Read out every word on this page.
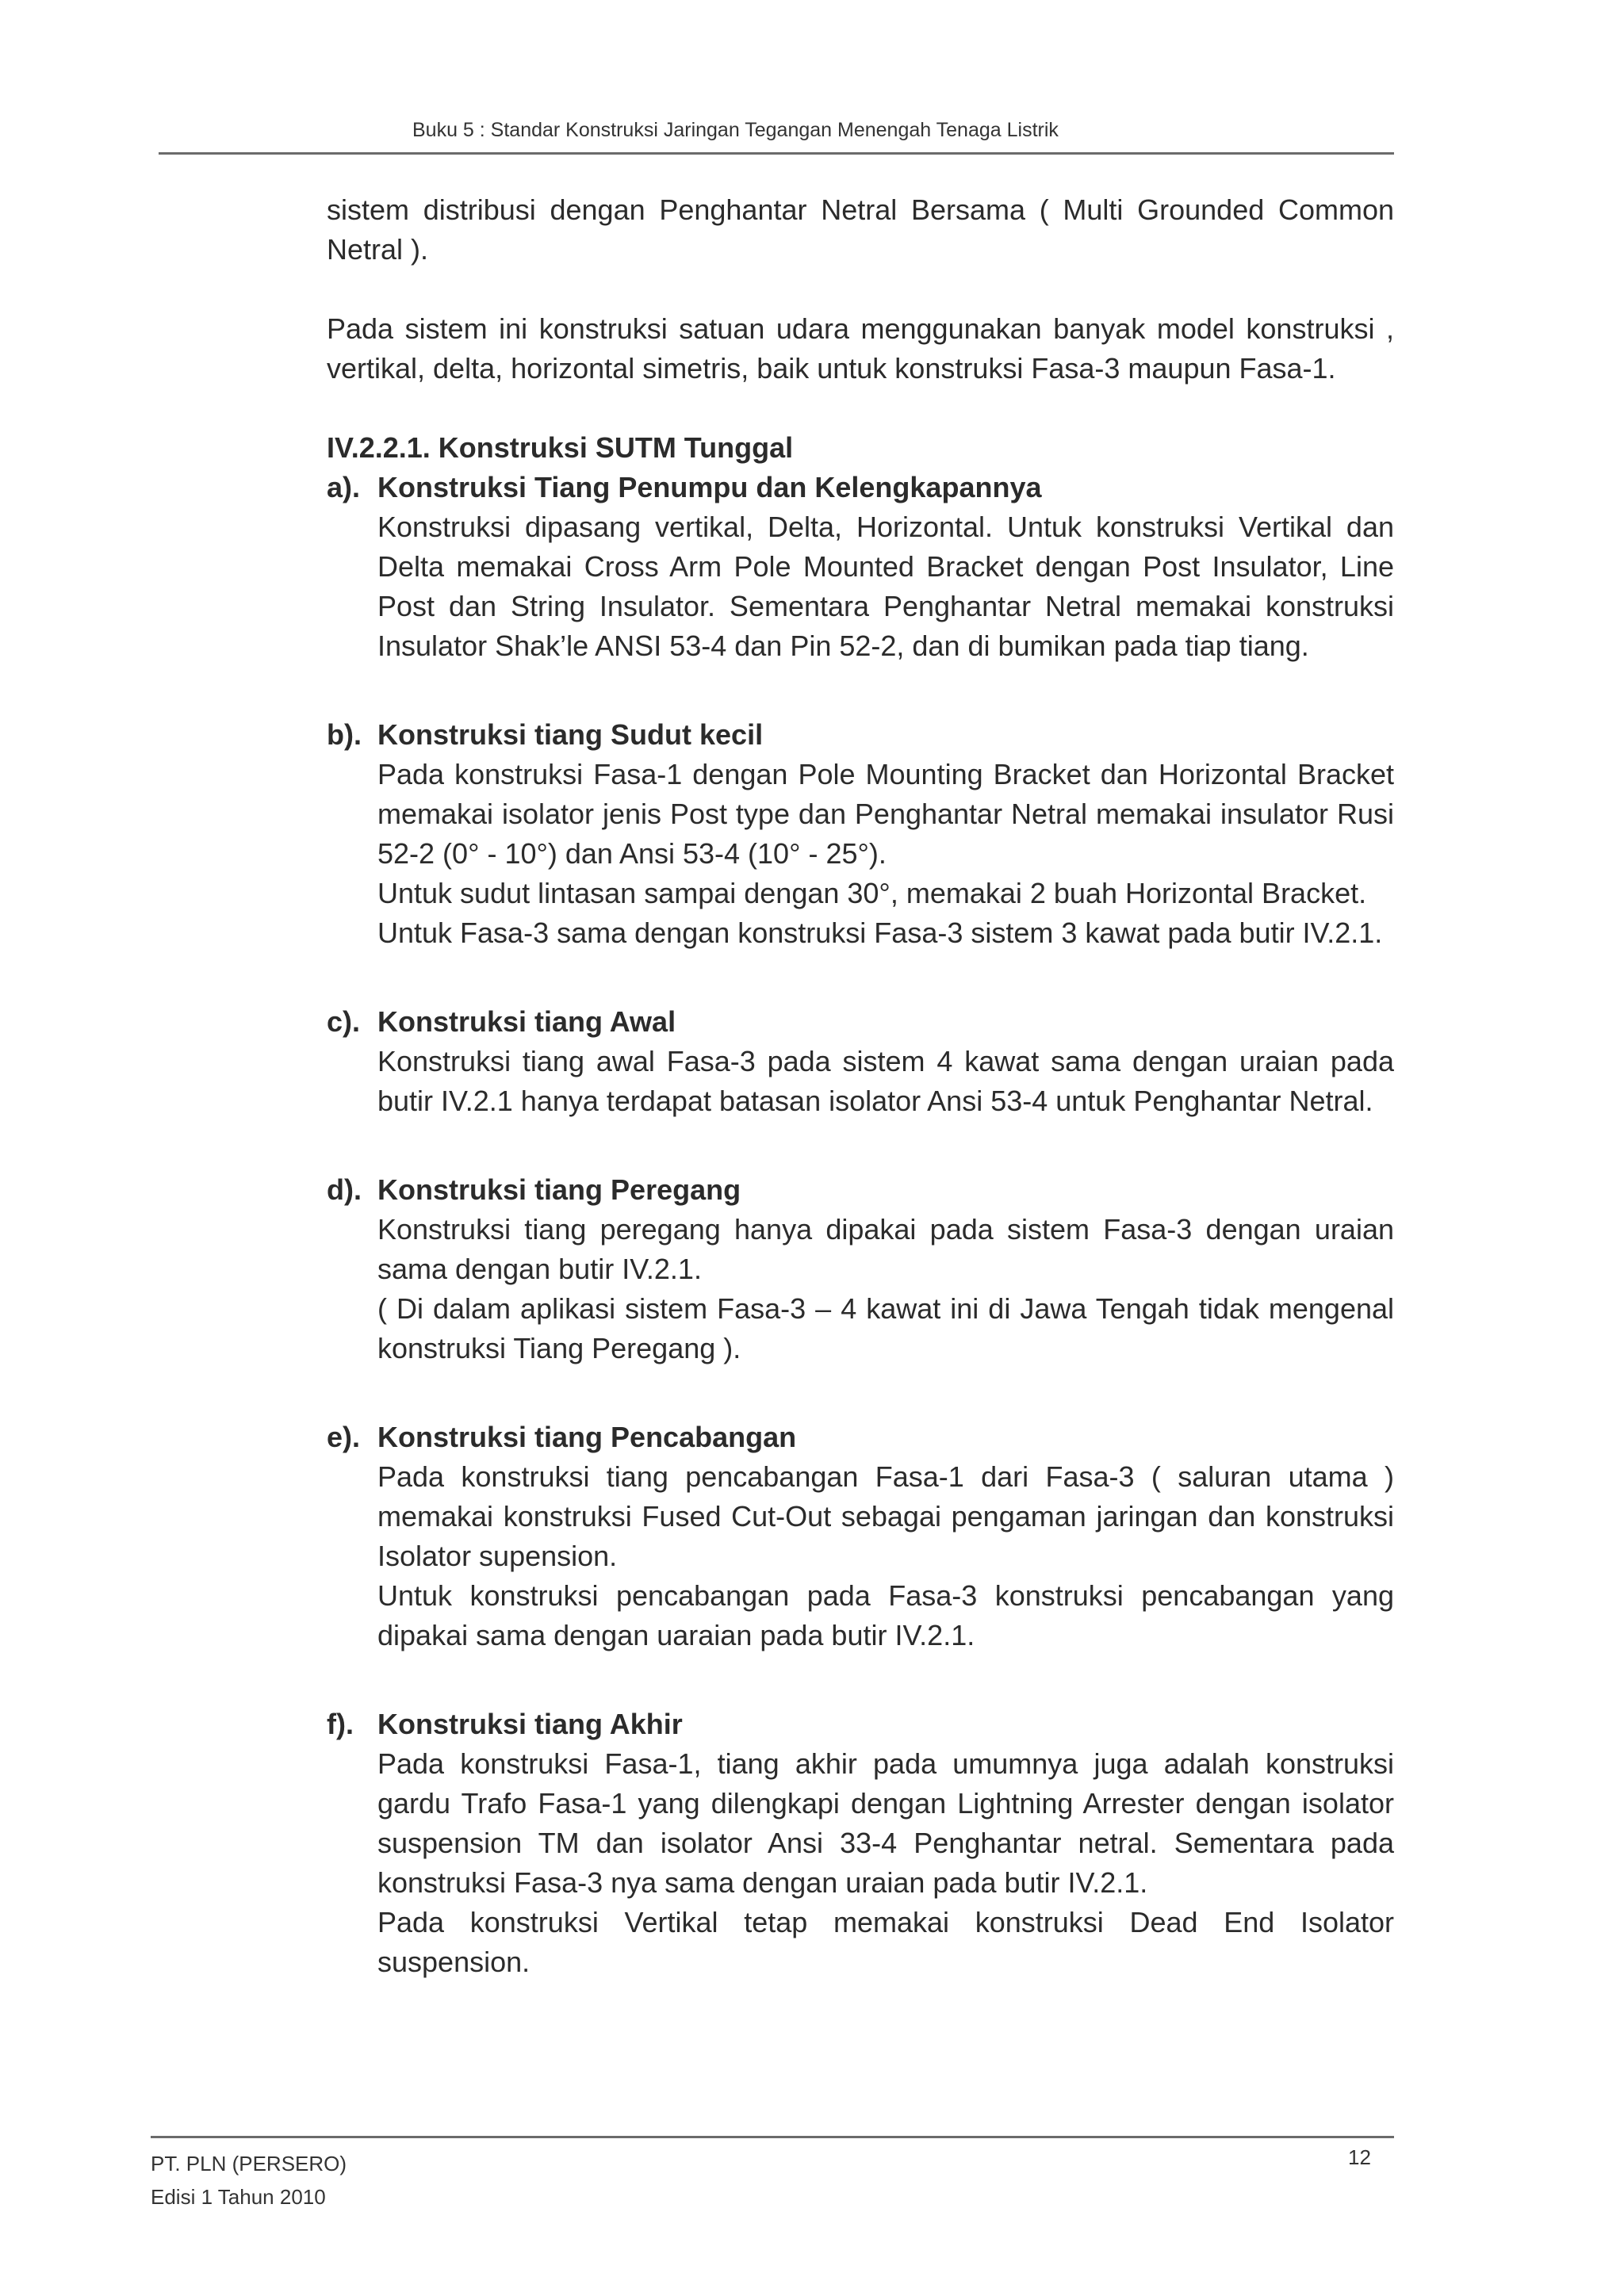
Buku 5 : Standar Konstruksi Jaringan Tegangan Menengah Tenaga Listrik

sistem distribusi dengan Penghantar Netral Bersama ( Multi Grounded Common Netral ).

Pada sistem ini konstruksi satuan udara menggunakan banyak model konstruksi , vertikal, delta, horizontal simetris, baik untuk konstruksi Fasa-3 maupun Fasa-1.

IV.2.2.1. Konstruksi SUTM Tunggal

a). Konstruksi Tiang Penumpu dan Kelengkapannya

Konstruksi dipasang vertikal, Delta, Horizontal. Untuk konstruksi Vertikal dan Delta memakai Cross Arm Pole Mounted Bracket dengan Post Insulator, Line Post dan String Insulator. Sementara Penghantar Netral memakai konstruksi Insulator Shak’le ANSI 53-4 dan Pin 52-2, dan di bumikan pada tiap tiang.

b). Konstruksi tiang Sudut kecil

Pada konstruksi Fasa-1 dengan Pole Mounting Bracket dan Horizontal Bracket memakai isolator jenis Post type dan Penghantar Netral memakai insulator Rusi 52-2 (0° - 10°) dan Ansi 53-4 (10° - 25°).

Untuk sudut lintasan sampai dengan 30°, memakai 2 buah Horizontal Bracket.

Untuk Fasa-3 sama dengan konstruksi Fasa-3 sistem 3 kawat pada butir IV.2.1.

c). Konstruksi tiang Awal

Konstruksi tiang awal Fasa-3 pada sistem 4 kawat sama dengan uraian pada butir IV.2.1 hanya terdapat batasan isolator Ansi 53-4 untuk Penghantar Netral.

d). Konstruksi tiang Peregang

Konstruksi tiang peregang hanya dipakai pada sistem Fasa-3 dengan uraian sama dengan butir IV.2.1.

( Di dalam aplikasi sistem Fasa-3 – 4 kawat ini di Jawa Tengah tidak mengenal konstruksi Tiang Peregang ).

e). Konstruksi tiang Pencabangan

Pada konstruksi tiang pencabangan Fasa-1 dari Fasa-3 ( saluran utama ) memakai konstruksi Fused Cut-Out sebagai pengaman jaringan dan konstruksi Isolator supension.

Untuk konstruksi pencabangan pada Fasa-3 konstruksi pencabangan yang dipakai sama dengan uaraian pada butir IV.2.1.

f). Konstruksi tiang Akhir

Pada konstruksi Fasa-1, tiang akhir pada umumnya juga adalah konstruksi gardu Trafo Fasa-1 yang dilengkapi dengan Lightning Arrester dengan isolator suspension TM dan isolator Ansi 33-4 Penghantar netral. Sementara pada konstruksi Fasa-3 nya sama dengan uraian pada butir IV.2.1.

Pada konstruksi Vertikal tetap memakai konstruksi Dead End Isolator suspension.

PT. PLN (PERSERO)
Edisi 1 Tahun 2010
12
